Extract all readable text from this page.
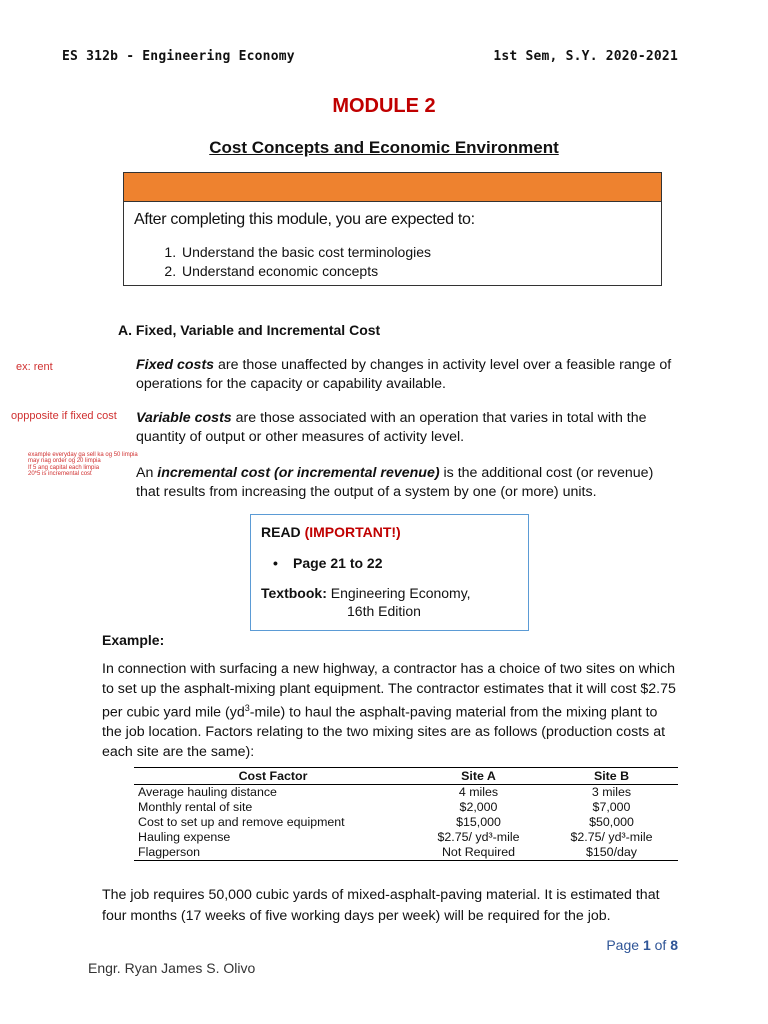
ES 312b - Engineering Economy	1st Sem, S.Y. 2020-2021
MODULE 2
Cost Concepts and Economic Environment
After completing this module, you are expected to:
1. Understand the basic cost terminologies
2. Understand economic concepts
A. Fixed, Variable and Incremental Cost
ex: rent
oppposite if fixed cost
example everyday ga sell ka og 50 limpia
may nag order og 20 limpia
If 5 ang capital each limpia
20*5 is incremental cost
Fixed costs are those unaffected by changes in activity level over a feasible range of operations for the capacity or capability available.
Variable costs are those associated with an operation that varies in total with the quantity of output or other measures of activity level.
An incremental cost (or incremental revenue) is the additional cost (or revenue) that results from increasing the output of a system by one (or more) units.
READ (IMPORTANT!)
• Page 21 to 22
Textbook: Engineering Economy,
16th Edition
Example:
In connection with surfacing a new highway, a contractor has a choice of two sites on which to set up the asphalt-mixing plant equipment. The contractor estimates that it will cost $2.75 per cubic yard mile $(yd^3-mile)$ to haul the asphalt-paving material from the mixing plant to the job location. Factors relating to the two mixing sites are as follows (production costs at each site are the same):
Cost Factor	Site A	Site B
Average hauling distance	4 miles	3 miles
Monthly rental of site	$2,000	$7,000
Cost to set up and remove equipment	$15,000	$50,000
Hauling expense	$2.75/ yd³-mile	$2.75/ yd³-mile
Flagperson	Not Required	$150/day
The job requires 50,000 cubic yards of mixed-asphalt-paving material. It is estimated that four months (17 weeks of five working days per week) will be required for the job.
Page 1 of 8
Engr. Ryan James S. Olivo
